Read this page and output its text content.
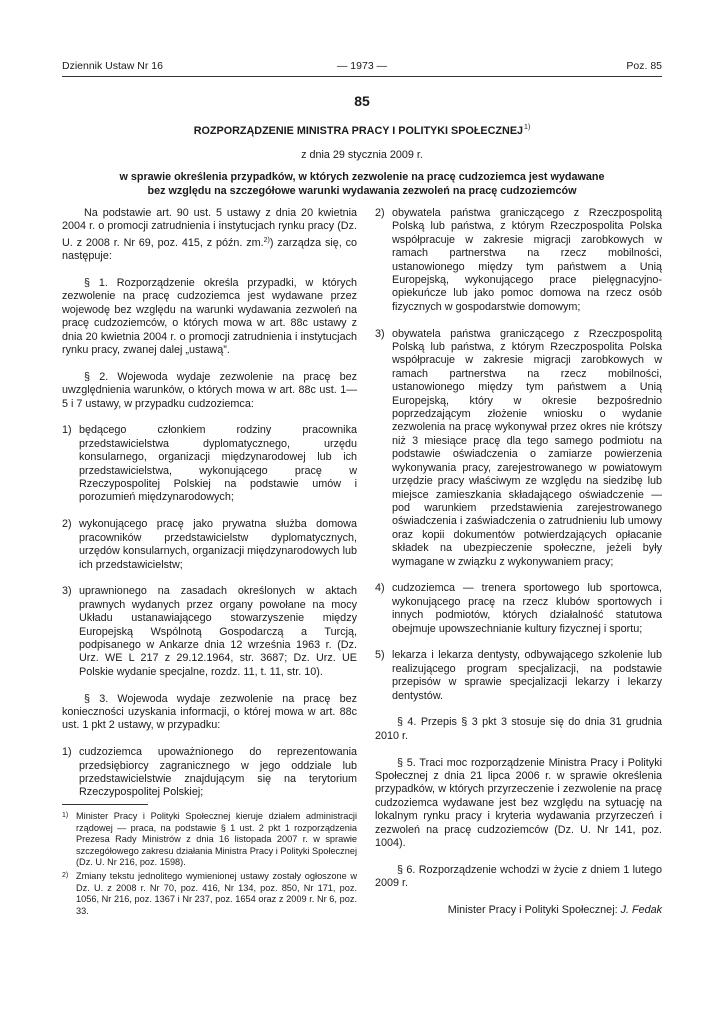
Dziennik Ustaw Nr 16	— 1973 —	Poz. 85
85
ROZPORZĄDZENIE MINISTRA PRACY I POLITYKI SPOŁECZNEJ$^{1)}$
z dnia 29 stycznia 2009 r.
w sprawie określenia przypadków, w których zezwolenie na pracę cudzoziemca jest wydawane
bez względu na szczegółowe warunki wydawania zezwoleń na pracę cudzoziemców

Na podstawie art. 90 ust. 5 ustawy z dnia 20 kwietnia 2004 r. o promocji zatrudnienia i instytucjach rynku pracy (Dz. U. z 2008 r. Nr 69, poz. 415, z późn. zm.$^{2)}$) zarządza się, co następuje:

§ 1. Rozporządzenie określa przypadki, w których zezwolenie na pracę cudzoziemca jest wydawane przez wojewodę bez względu na warunki wydawania zezwoleń na pracę cudzoziemców, o których mowa w art. 88c ustawy z dnia 20 kwietnia 2004 r. o promocji zatrudnienia i instytucjach rynku pracy, zwanej dalej „ustawą”.

§ 2. Wojewoda wydaje zezwolenie na pracę bez uwzględnienia warunków, o których mowa w art. 88c ust. 1—5 i 7 ustawy, w przypadku cudzoziemca:

1) będącego członkiem rodziny pracownika przedstawicielstwa dyplomatycznego, urzędu konsularnego, organizacji międzynarodowej lub ich przedstawicielstwa, wykonującego pracę w Rzeczypospolitej Polskiej na podstawie umów i porozumień międzynarodowych;
2) wykonującego pracę jako prywatna służba domowa pracowników przedstawicielstw dyplomatycznych, urzędów konsularnych, organizacji międzynarodowych lub ich przedstawicielstw;
3) uprawnionego na zasadach określonych w aktach prawnych wydanych przez organy powołane na mocy Układu ustanawiającego stowarzyszenie między Europejską Wspólnotą Gospodarczą a Turcją, podpisanego w Ankarze dnia 12 września 1963 r. (Dz. Urz. WE L 217 z 29.12.1964, str. 3687; Dz. Urz. UE Polskie wydanie specjalne, rozdz. 11, t. 11, str. 10).

§ 3. Wojewoda wydaje zezwolenie na pracę bez konieczności uzyskania informacji, o której mowa w art. 88c ust. 1 pkt 2 ustawy, w przypadku:

1) cudzoziemca upoważnionego do reprezentowania przedsiębiorcy zagranicznego w jego oddziale lub przedstawicielstwie znajdującym się na terytorium Rzeczypospolitej Polskiej;
1) Minister Pracy i Polityki Społecznej kieruje działem administracji rządowej — praca, na podstawie § 1 ust. 2 pkt 1 rozporządzenia Prezesa Rady Ministrów z dnia 16 listopada 2007 r. w sprawie szczegółowego zakresu działania Ministra Pracy i Polityki Społecznej (Dz. U. Nr 216, poz. 1598).
2) Zmiany tekstu jednolitego wymienionej ustawy zostały ogłoszone w Dz. U. z 2008 r. Nr 70, poz. 416, Nr 134, poz. 850, Nr 171, poz. 1056, Nr 216, poz. 1367 i Nr 237, poz. 1654 oraz z 2009 r. Nr 6, poz. 33.
2) obywatela państwa graniczącego z Rzeczpospolitą Polską lub państwa, z którym Rzeczpospolita Polska współpracuje w zakresie migracji zarobkowych w ramach partnerstwa na rzecz mobilności, ustanowionego między tym państwem a Unią Europejską, wykonującego prace pielęgnacyjno-opiekuńcze lub jako pomoc domowa na rzecz osób fizycznych w gospodarstwie domowym;
3) obywatela państwa graniczącego z Rzeczpospolitą Polską lub państwa, z którym Rzeczpospolita Polska współpracuje w zakresie migracji zarobkowych w ramach partnerstwa na rzecz mobilności, ustanowionego między tym państwem a Unią Europejską, który w okresie bezpośrednio poprzedzającym złożenie wniosku o wydanie zezwolenia na pracę wykonywał przez okres nie krótszy niż 3 miesiące pracę dla tego samego podmiotu na podstawie oświadczenia o zamiarze powierzenia wykonywania pracy, zarejestrowanego w powiatowym urzędzie pracy właściwym ze względu na siedzibę lub miejsce zamieszkania składającego oświadczenie — pod warunkiem przedstawienia zarejestrowanego oświadczenia i zaświadczenia o zatrudnieniu lub umowy oraz kopii dokumentów potwierdzających opłacanie składek na ubezpieczenie społeczne, jeżeli były wymagane w związku z wykonywaniem pracy;
4) cudzoziemca — trenera sportowego lub sportowca, wykonującego pracę na rzecz klubów sportowych i innych podmiotów, których działalność statutowa obejmuje upowszechnianie kultury fizycznej i sportu;
5) lekarza i lekarza dentysty, odbywającego szkolenie lub realizującego program specjalizacji, na podstawie przepisów w sprawie specjalizacji lekarzy i lekarzy dentystów.

§ 4. Przepis § 3 pkt 3 stosuje się do dnia 31 grudnia 2010 r.

§ 5. Traci moc rozporządzenie Ministra Pracy i Polityki Społecznej z dnia 21 lipca 2006 r. w sprawie określenia przypadków, w których przyrzeczenie i zezwolenie na pracę cudzoziemca wydawane jest bez względu na sytuację na lokalnym rynku pracy i kryteria wydawania przyrzeczeń i zezwoleń na pracę cudzoziemców (Dz. U. Nr 141, poz. 1004).

§ 6. Rozporządzenie wchodzi w życie z dniem 1 lutego 2009 r.

Minister Pracy i Polityki Społecznej: J. Fedak
